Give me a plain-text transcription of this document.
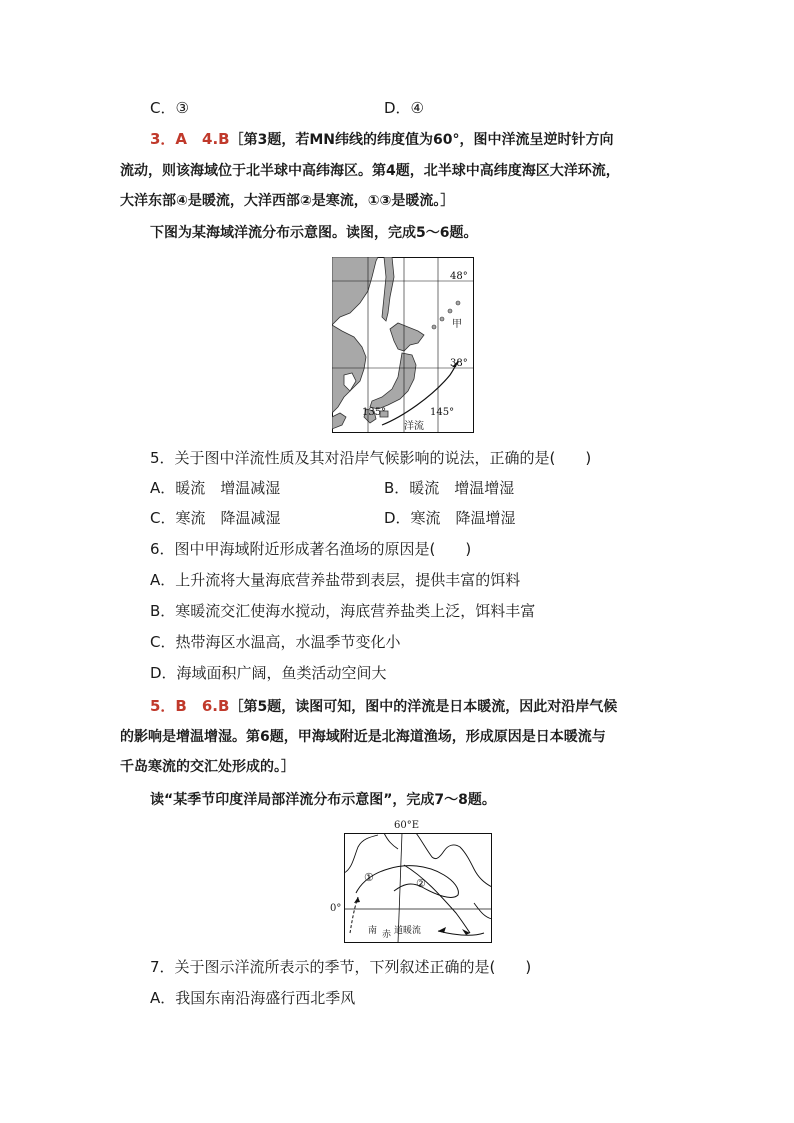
C．③	D．④
3．A　4.B［第3题，若MN纬线的纬度值为60°，图中洋流呈逆时针方向
流动，则该海域位于北半球中高纬海区。第4题，北半球中高纬度海区大洋环流，
大洋东部④是暖流，大洋西部②是寒流，①③是暖流。］
下图为某海域洋流分布示意图。读图，完成5～6题。
48°
38°
135°	145°
甲
洋流
5．关于图中洋流性质及其对沿岸气候影响的说法，正确的是(　　)
A．暖流　增温减湿	B．暖流　增温增湿
C．寒流　降温减湿	D．寒流　降温增湿
6．图中甲海域附近形成著名渔场的原因是(　　)
A．上升流将大量海底营养盐带到表层，提供丰富的饵料
B．寒暖流交汇使海水搅动，海底营养盐类上泛，饵料丰富
C．热带海区水温高，水温季节变化小
D．海域面积广阔，鱼类活动空间大
5．B　6.B［第5题，读图可知，图中的洋流是日本暖流，因此对沿岸气候
的影响是增温增湿。第6题，甲海域附近是北海道渔场，形成原因是日本暖流与
千岛寒流的交汇处形成的。］
读“某季节印度洋局部洋流分布示意图”，完成7～8题。
60°E
0°
①	②
南 赤 道暖流
7．关于图示洋流所表示的季节，下列叙述正确的是(　　)
A．我国东南沿海盛行西北季风
